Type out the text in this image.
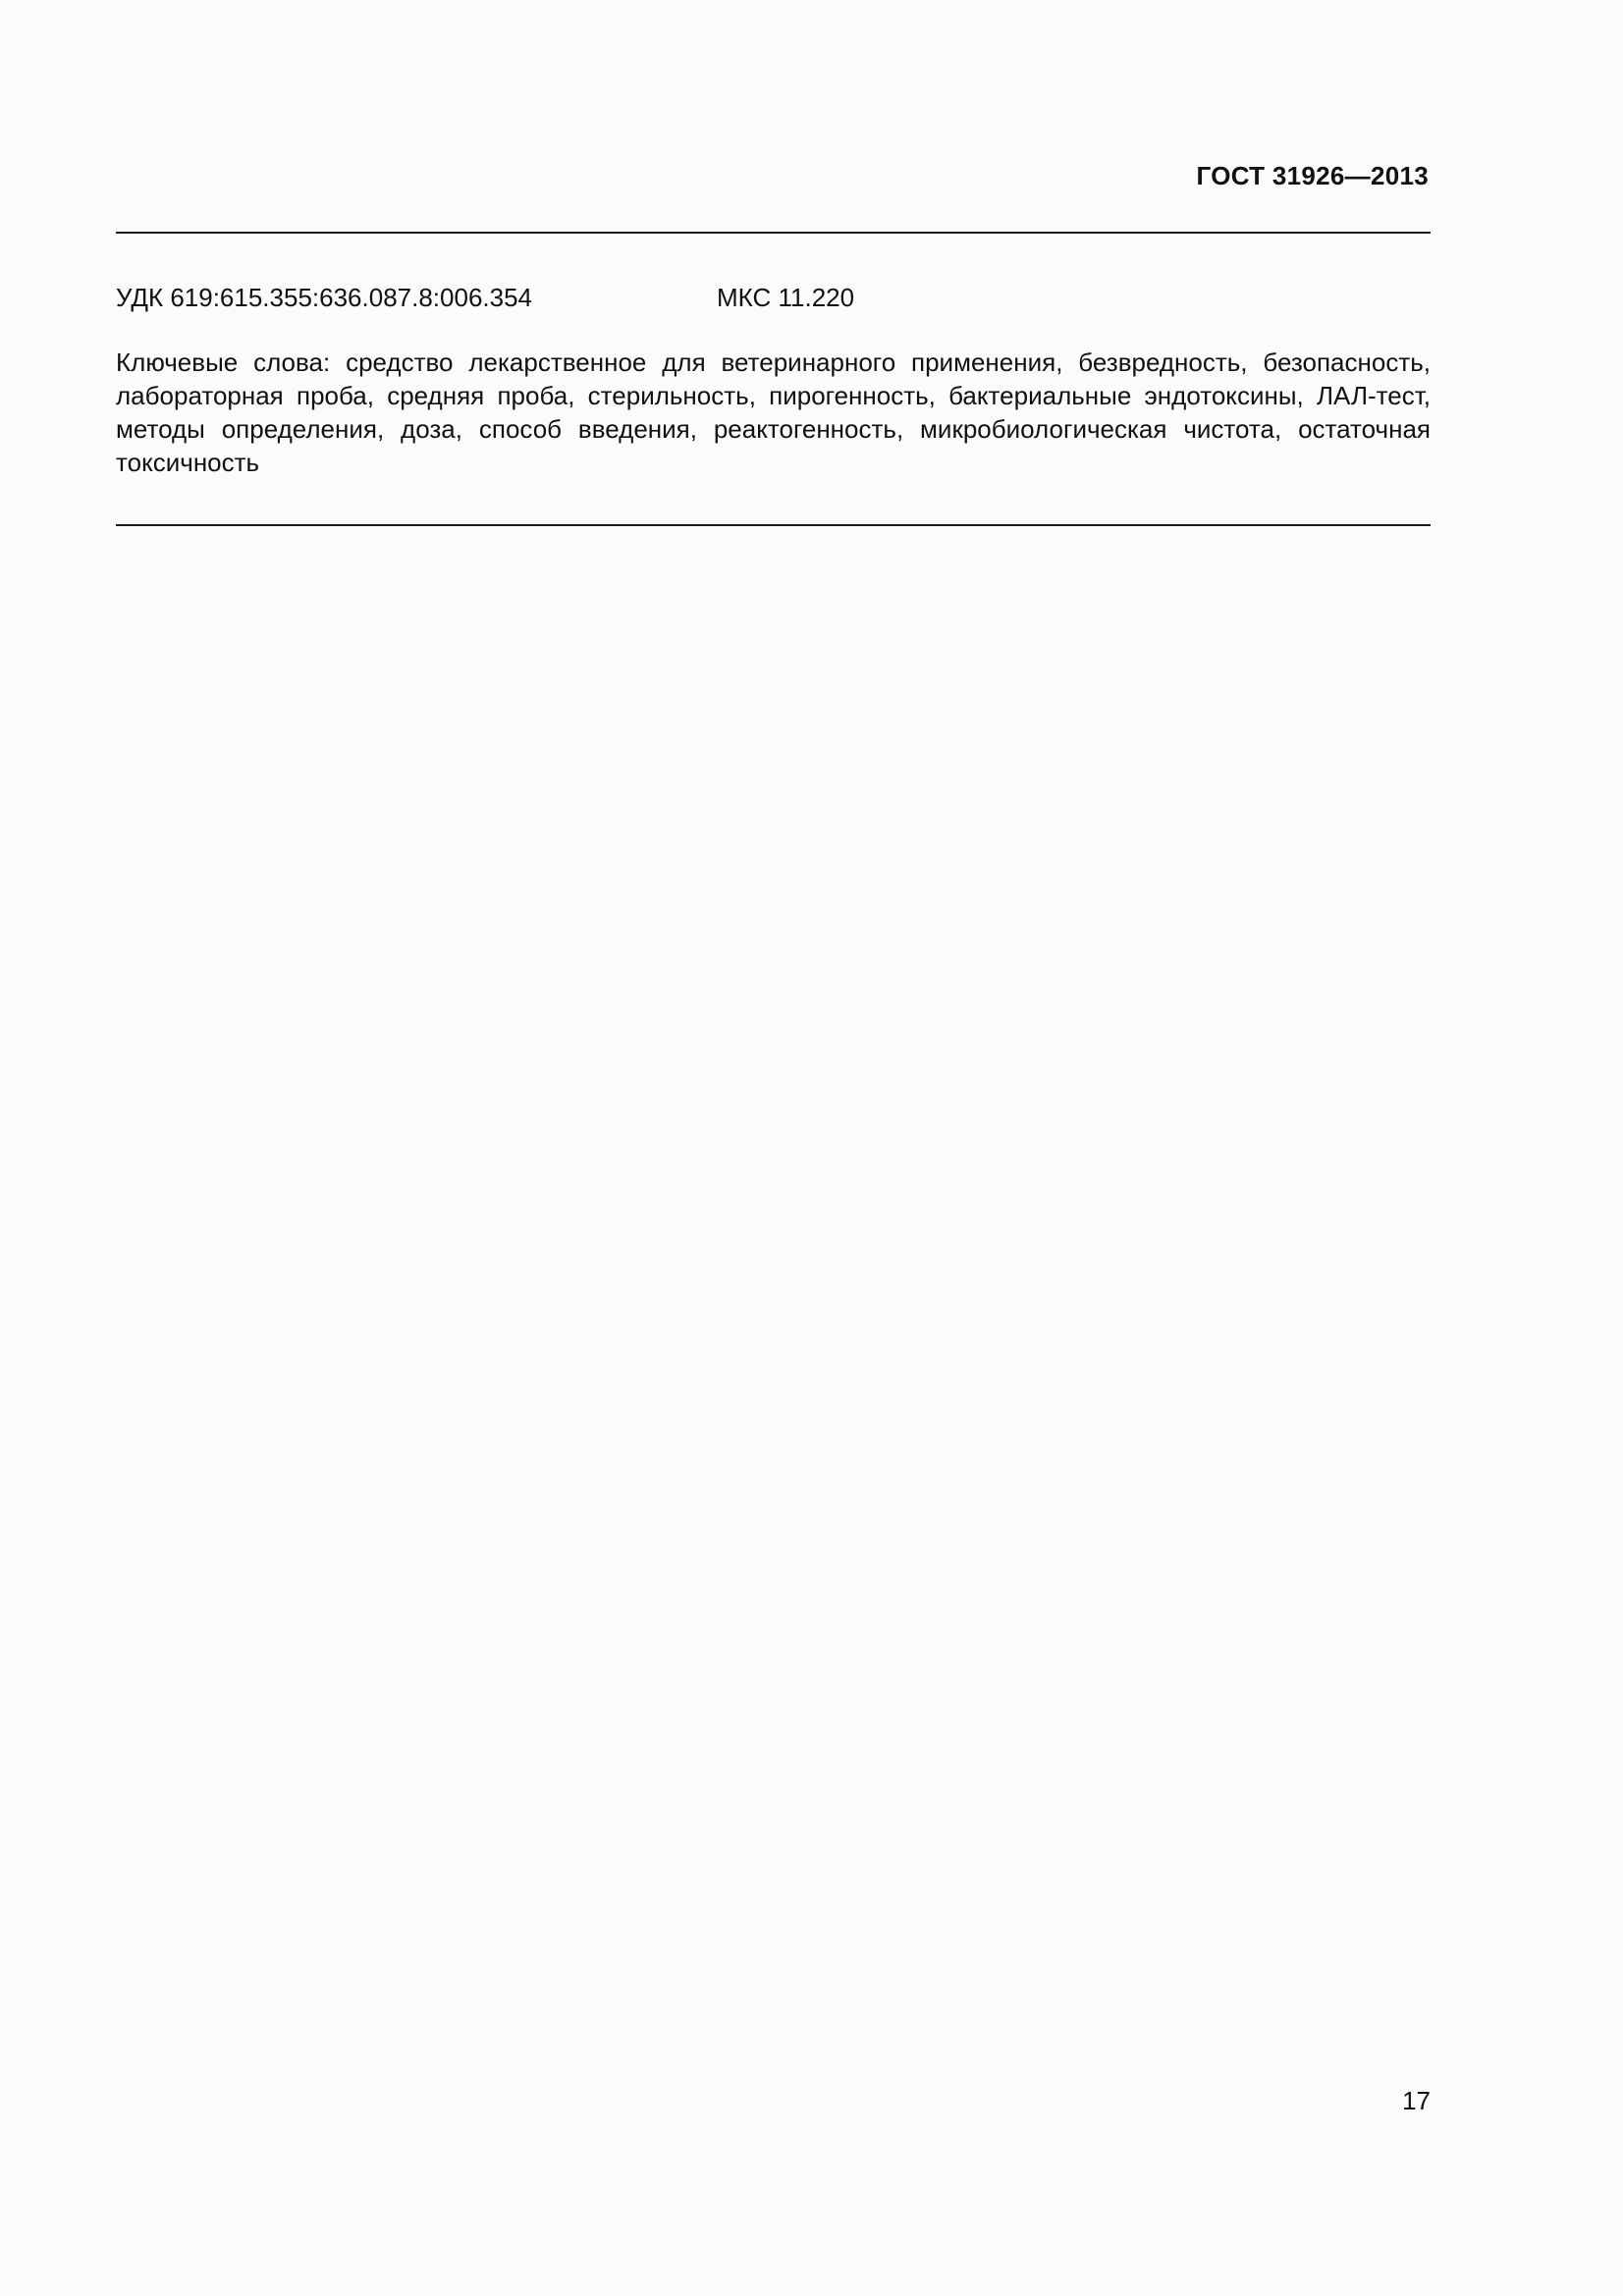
ГОСТ 31926—2013
УДК 619:615.355:636.087.8:006.354	МКС 11.220
Ключевые слова: средство лекарственное для ветеринарного применения, безвредность, безопасность, лабораторная проба, средняя проба, стерильность, пирогенность, бактериальные эндотоксины, ЛАЛ-тест, методы определения, доза, способ введения, реактогенность, микробиологическая чистота, остаточная токсичность
17
